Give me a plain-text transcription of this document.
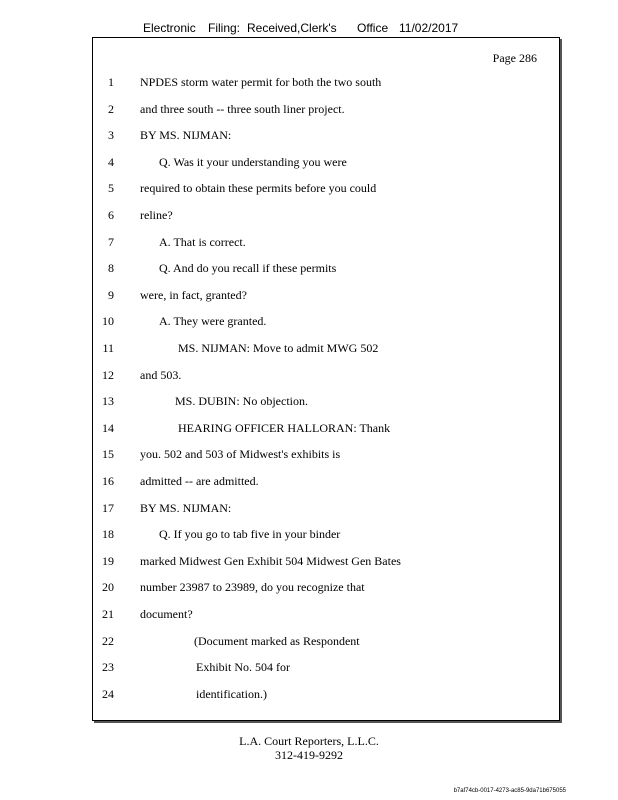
Electronic Filing: Received,Clerk's Office 11/02/2017
Page 286
1 NPDES storm water permit for both the two south
2 and three south -- three south liner project.
3 BY MS. NIJMAN:
4	Q. Was it your understanding you were
5 required to obtain these permits before you could
6 reline?
7	A. That is correct.
8	Q. And do you recall if these permits
9 were, in fact, granted?
10	A. They were granted.
11	MS. NIJMAN: Move to admit MWG 502
12 and 503.
13	MS. DUBIN: No objection.
14	HEARING OFFICER HALLORAN: Thank
15 you. 502 and 503 of Midwest's exhibits is
16 admitted -- are admitted.
17 BY MS. NIJMAN:
18	Q. If you go to tab five in your binder
19 marked Midwest Gen Exhibit 504 Midwest Gen Bates
20 number 23987 to 23989, do you recognize that
21 document?
22	(Document marked as Respondent
23	Exhibit No. 504 for
24	identification.)
L.A. Court Reporters, L.L.C.
312-419-9292
b7af74cb-0017-4273-ac85-9da71b675055
